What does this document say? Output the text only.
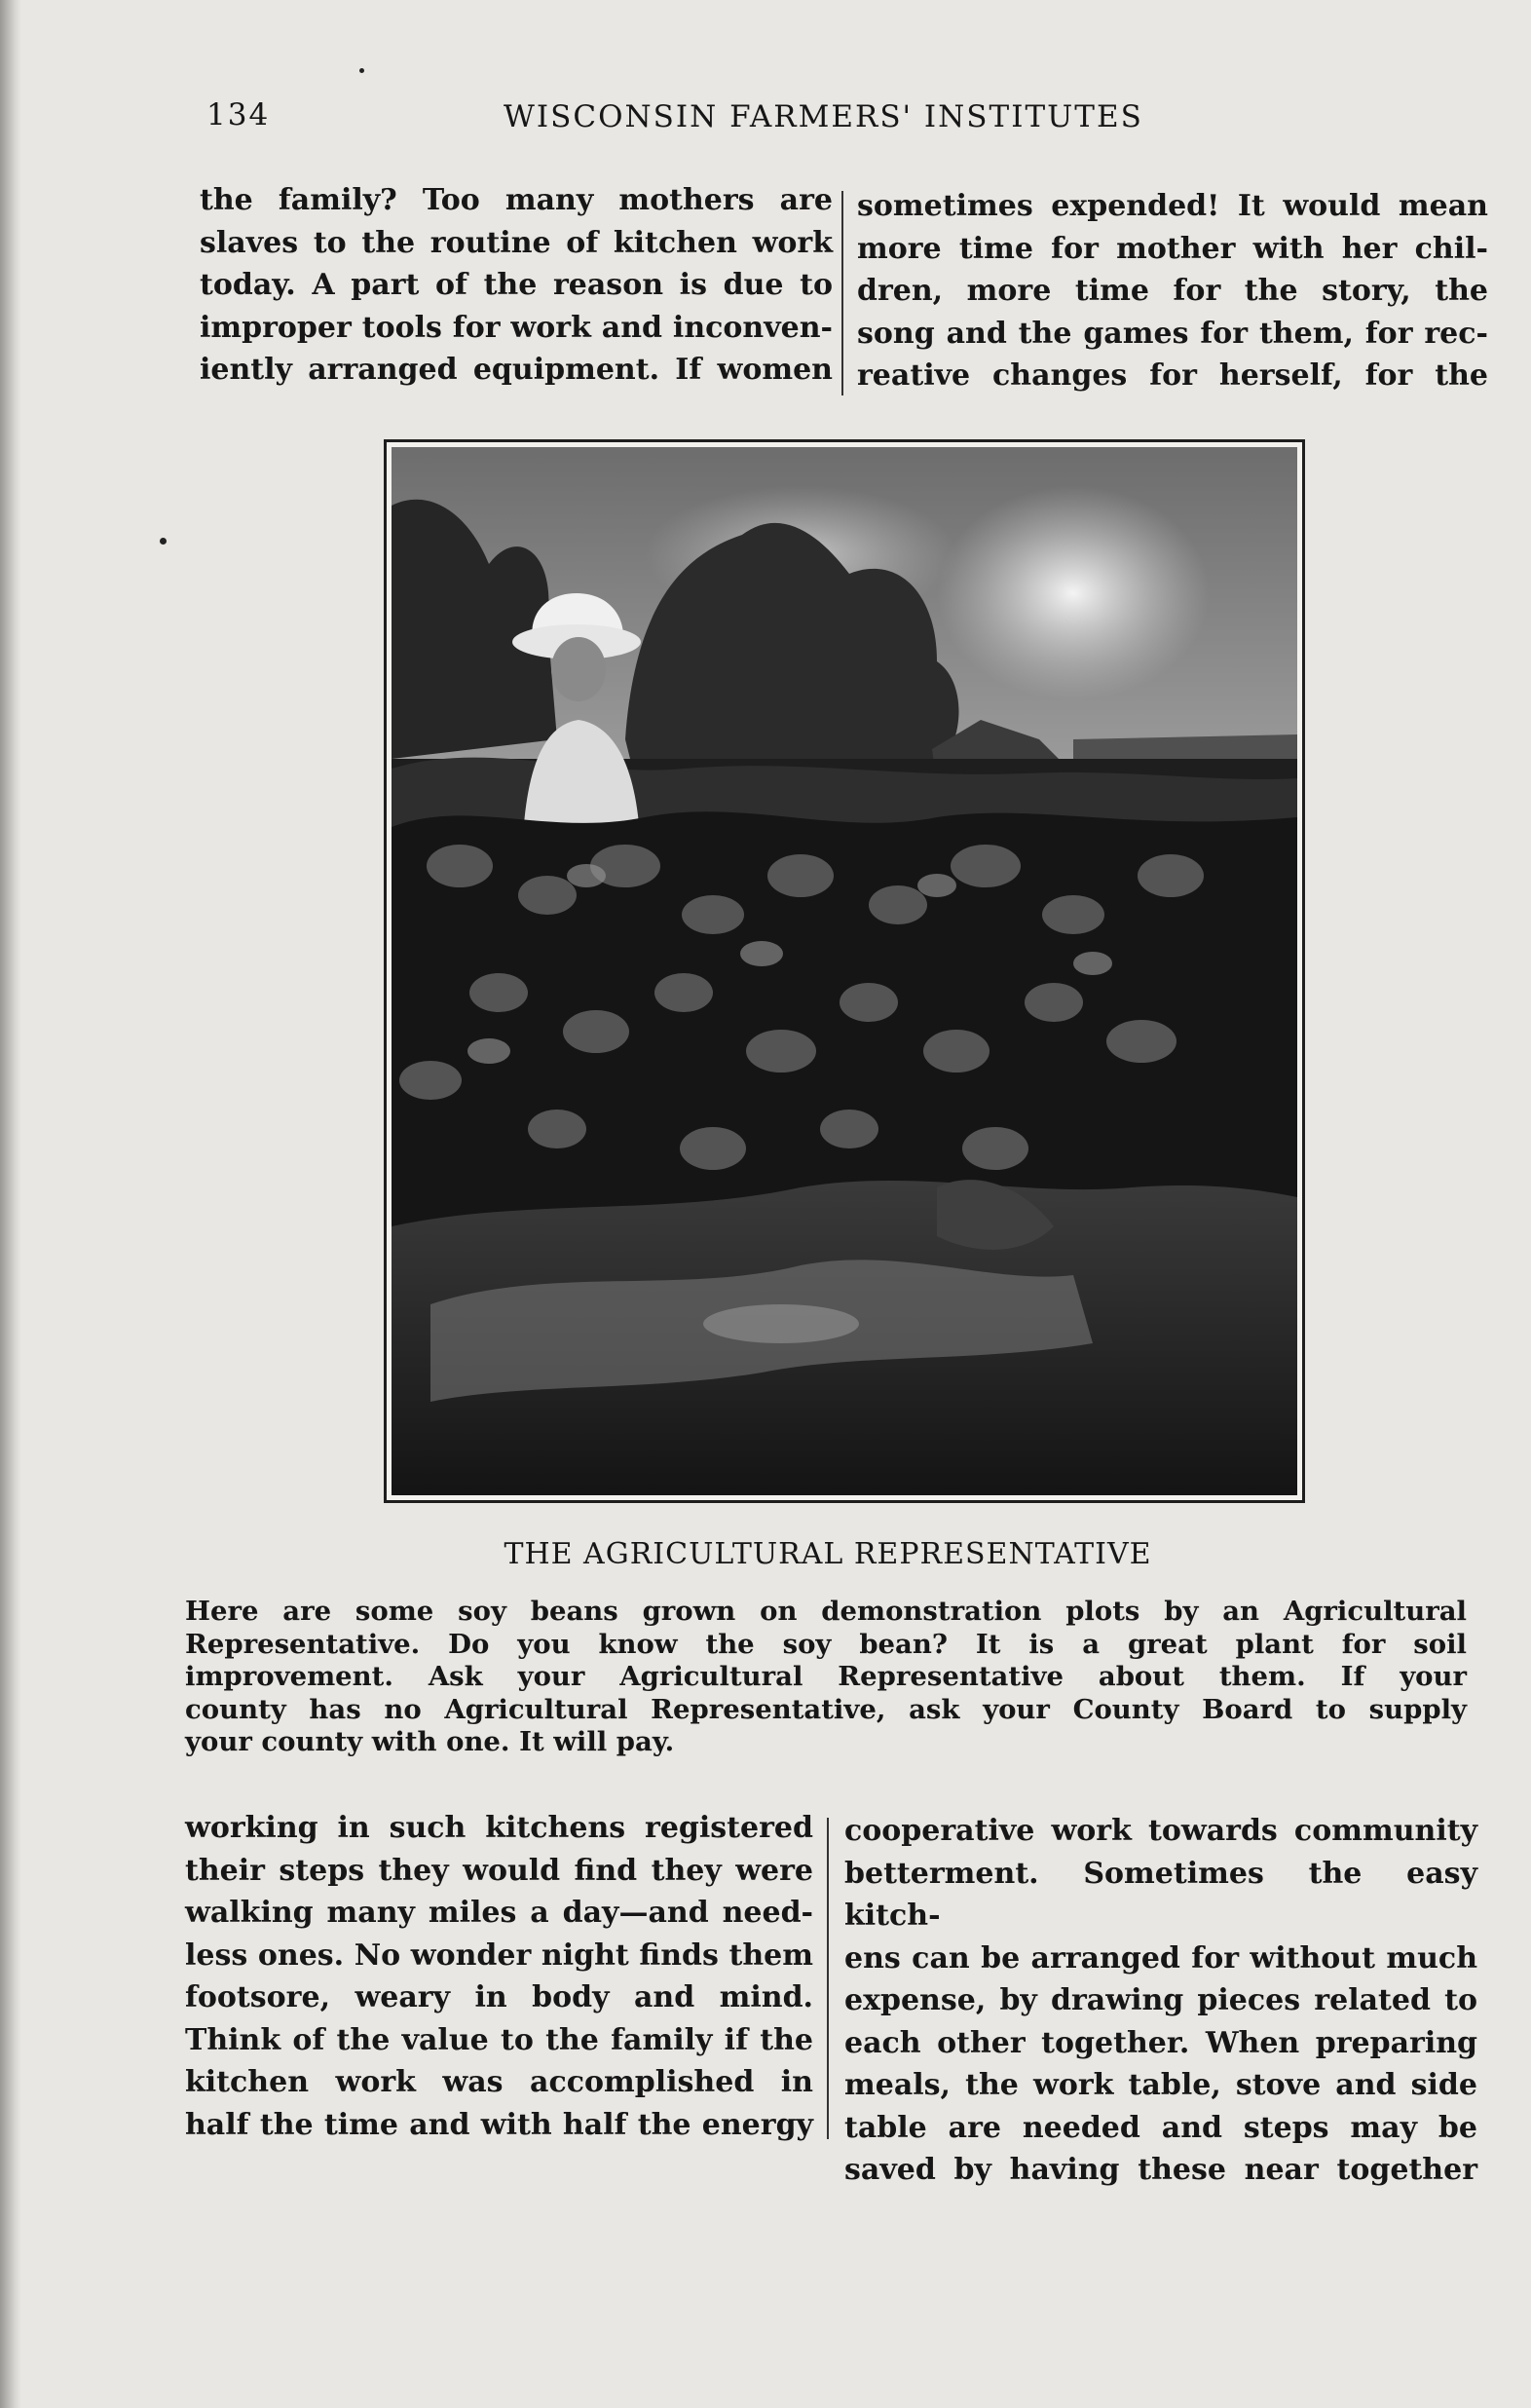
134	WISCONSIN FARMERS' INSTITUTES
the family? Too many mothers are
slaves to the routine of kitchen work
today. A part of the reason is due to
improper tools for work and inconven-
iently arranged equipment. If women
sometimes expended! It would mean
more time for mother with her chil-
dren, more time for the story, the
song and the games for them, for rec-
reative changes for herself, for the
THE AGRICULTURAL REPRESENTATIVE
Here are some soy beans grown on demonstration plots by an Agricultural
Representative. Do you know the soy bean? It is a great plant for soil
improvement. Ask your Agricultural Representative about them. If your
county has no Agricultural Representative, ask your County Board to supply
your county with one. It will pay.
working in such kitchens registered
their steps they would find they were
walking many miles a day—and need-
less ones. No wonder night finds them
footsore, weary in body and mind.
Think of the value to the family if the
kitchen work was accomplished in
half the time and with half the energy
cooperative work towards community
betterment. Sometimes the easy kitch-
ens can be arranged for without much
expense, by drawing pieces related to
each other together. When preparing
meals, the work table, stove and side
table are needed and steps may be
saved by having these near together
